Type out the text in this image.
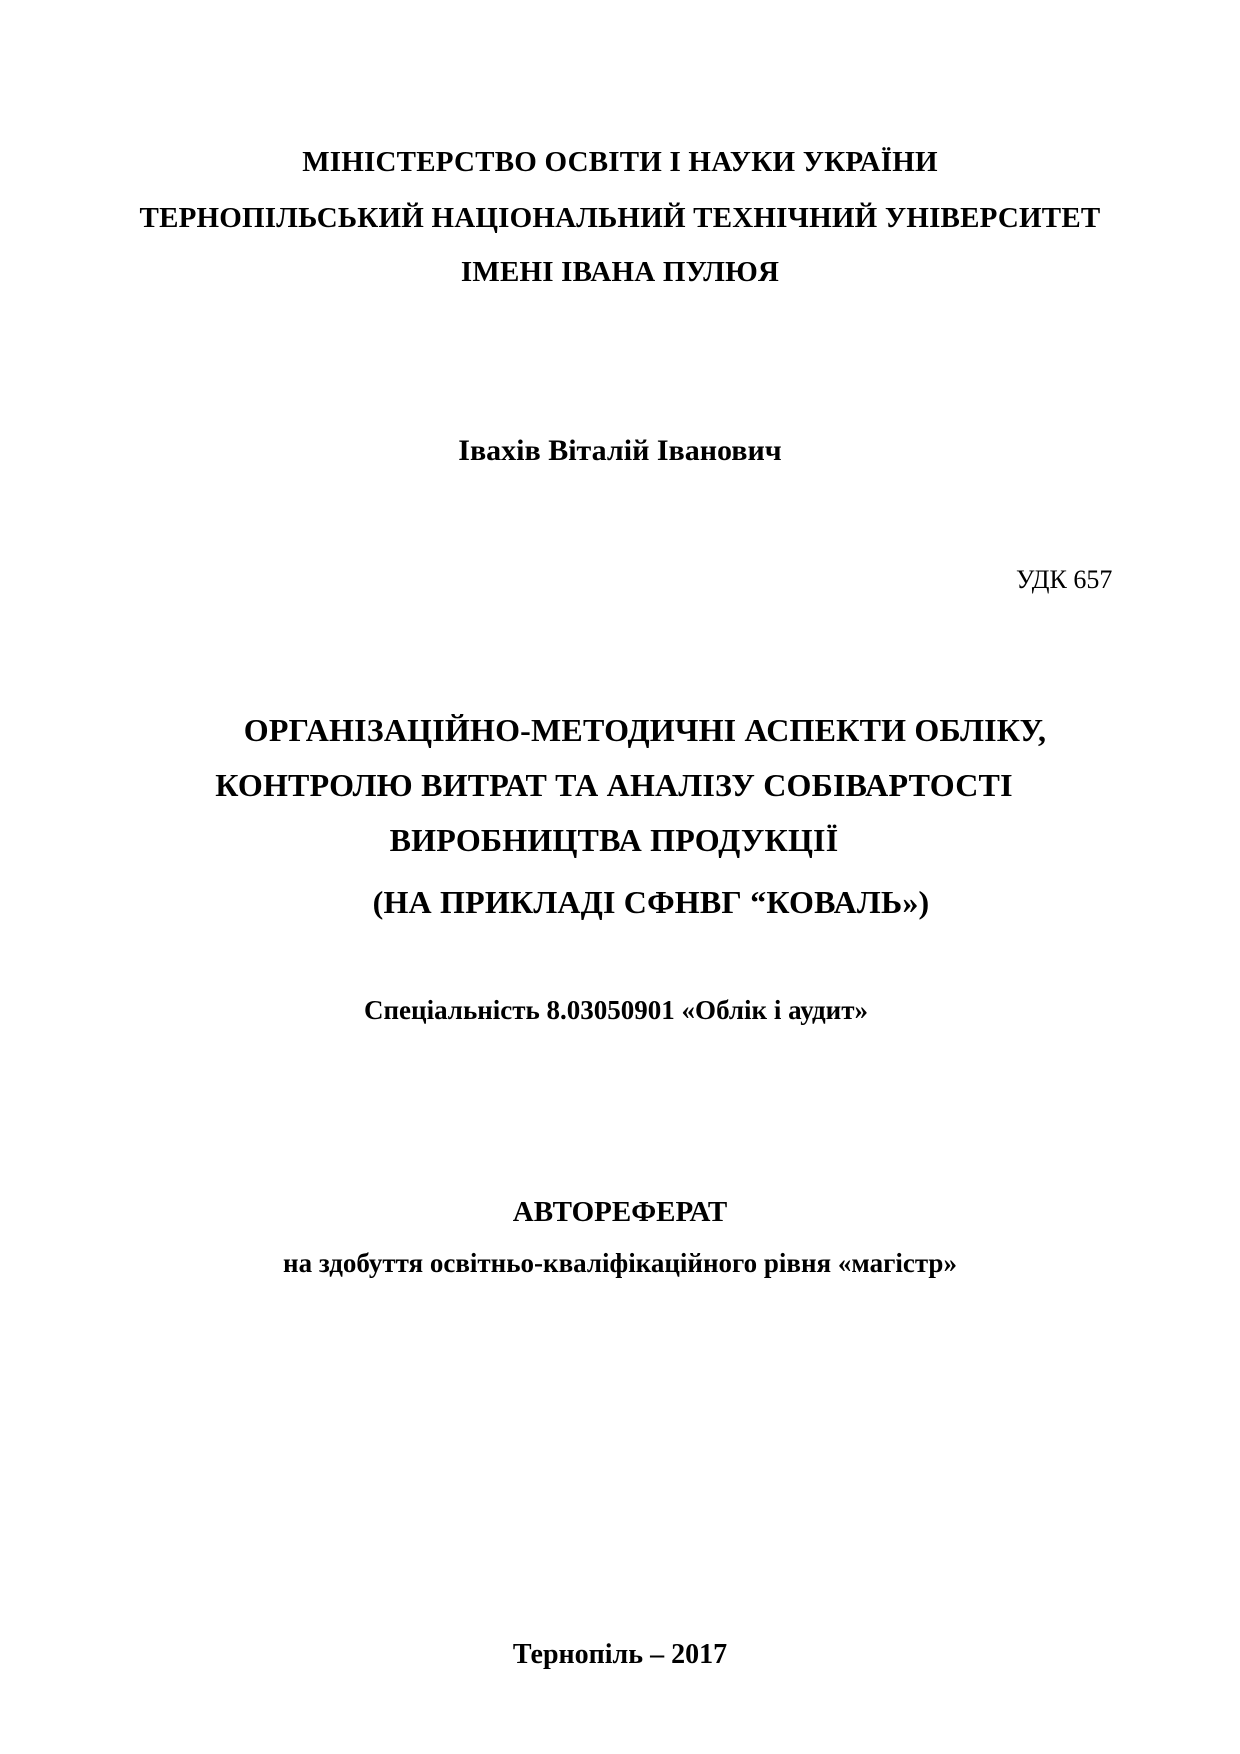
МІНІСТЕРСТВО ОСВІТИ І НАУКИ УКРАЇНИ
ТЕРНОПІЛЬСЬКИЙ НАЦІОНАЛЬНИЙ ТЕХНІЧНИЙ УНІВЕРСИТЕТ
ІМЕНІ ІВАНА ПУЛЮЯ
Івахів Віталій Іванович
УДК 657
ОРГАНІЗАЦІЙНО-МЕТОДИЧНІ АСПЕКТИ ОБЛІКУ,
КОНТРОЛЮ ВИТРАТ ТА АНАЛІЗУ СОБІВАРТОСТІ
ВИРОБНИЦТВА ПРОДУКЦІЇ
(НА ПРИКЛАДІ СФНВГ “КОВАЛЬ»)
Спеціальність 8.03050901 «Облік і аудит»
АВТОРЕФЕРАТ
на здобуття освітньо-кваліфікаційного рівня «магістр»
Тернопіль – 2017
